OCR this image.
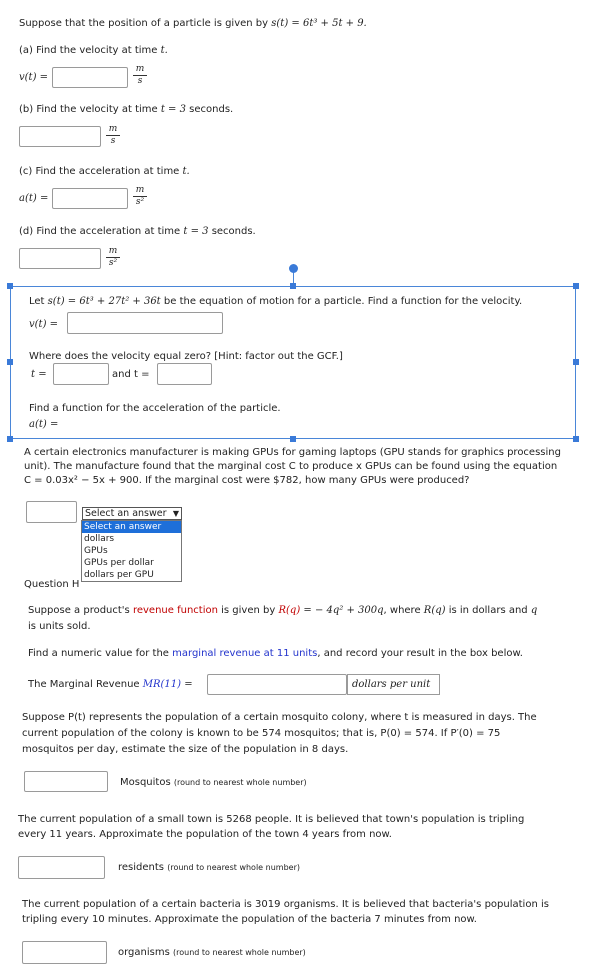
Suppose that the position of a particle is given by s(t) = 6t³ + 5t + 9.
(a) Find the velocity at time t.
v(t) =	$\frac{m}{s}$
(b) Find the velocity at time t = 3 seconds.
$\frac{m}{s}$
(c) Find the acceleration at time t.
a(t) =	$\frac{m}{\text{s²}}$
(d) Find the acceleration at time t = 3 seconds.
$\frac{m}{\text{s²}}$
Let s(t) = 6t³ + 27t² + 36t be the equation of motion for a particle. Find a function for the velocity.
v(t) =
Where does the velocity equal zero? [Hint: factor out the GCF.]
t =	and t =
Find a function for the acceleration of the particle.
a(t) =
A certain electronics manufacturer is making GPUs for gaming laptops (GPU stands for graphics processing
unit). The manufacture found that the marginal cost C to produce x GPUs can be found using the equation
C = 0.03x² − 5x + 900. If the marginal cost were $782, how many GPUs were produced?
Select an answer ▼
Select an answer
dollars
GPUs
GPUs per dollar
dollars per GPU
Question H
Suppose a product's revenue function is given by R(q) = − 4q² + 300q, where R(q) is in dollars and q
is units sold.
Find a numeric value for the marginal revenue at 11 units, and record your result in the box below.
The Marginal Revenue MR(11) =	dollars per unit
Suppose P(t) represents the population of a certain mosquito colony, where t is measured in days. The
current population of the colony is known to be 574 mosquitos; that is, P(0) = 574. If P′(0) = 75
mosquitos per day, estimate the size of the population in 8 days.
Mosquitos (round to nearest whole number)
The current population of a small town is 5268 people. It is believed that town's population is tripling
every 11 years. Approximate the population of the town 4 years from now.
residents (round to nearest whole number)
The current population of a certain bacteria is 3019 organisms. It is believed that bacteria's population is
tripling every 10 minutes. Approximate the population of the bacteria 7 minutes from now.
organisms (round to nearest whole number)
